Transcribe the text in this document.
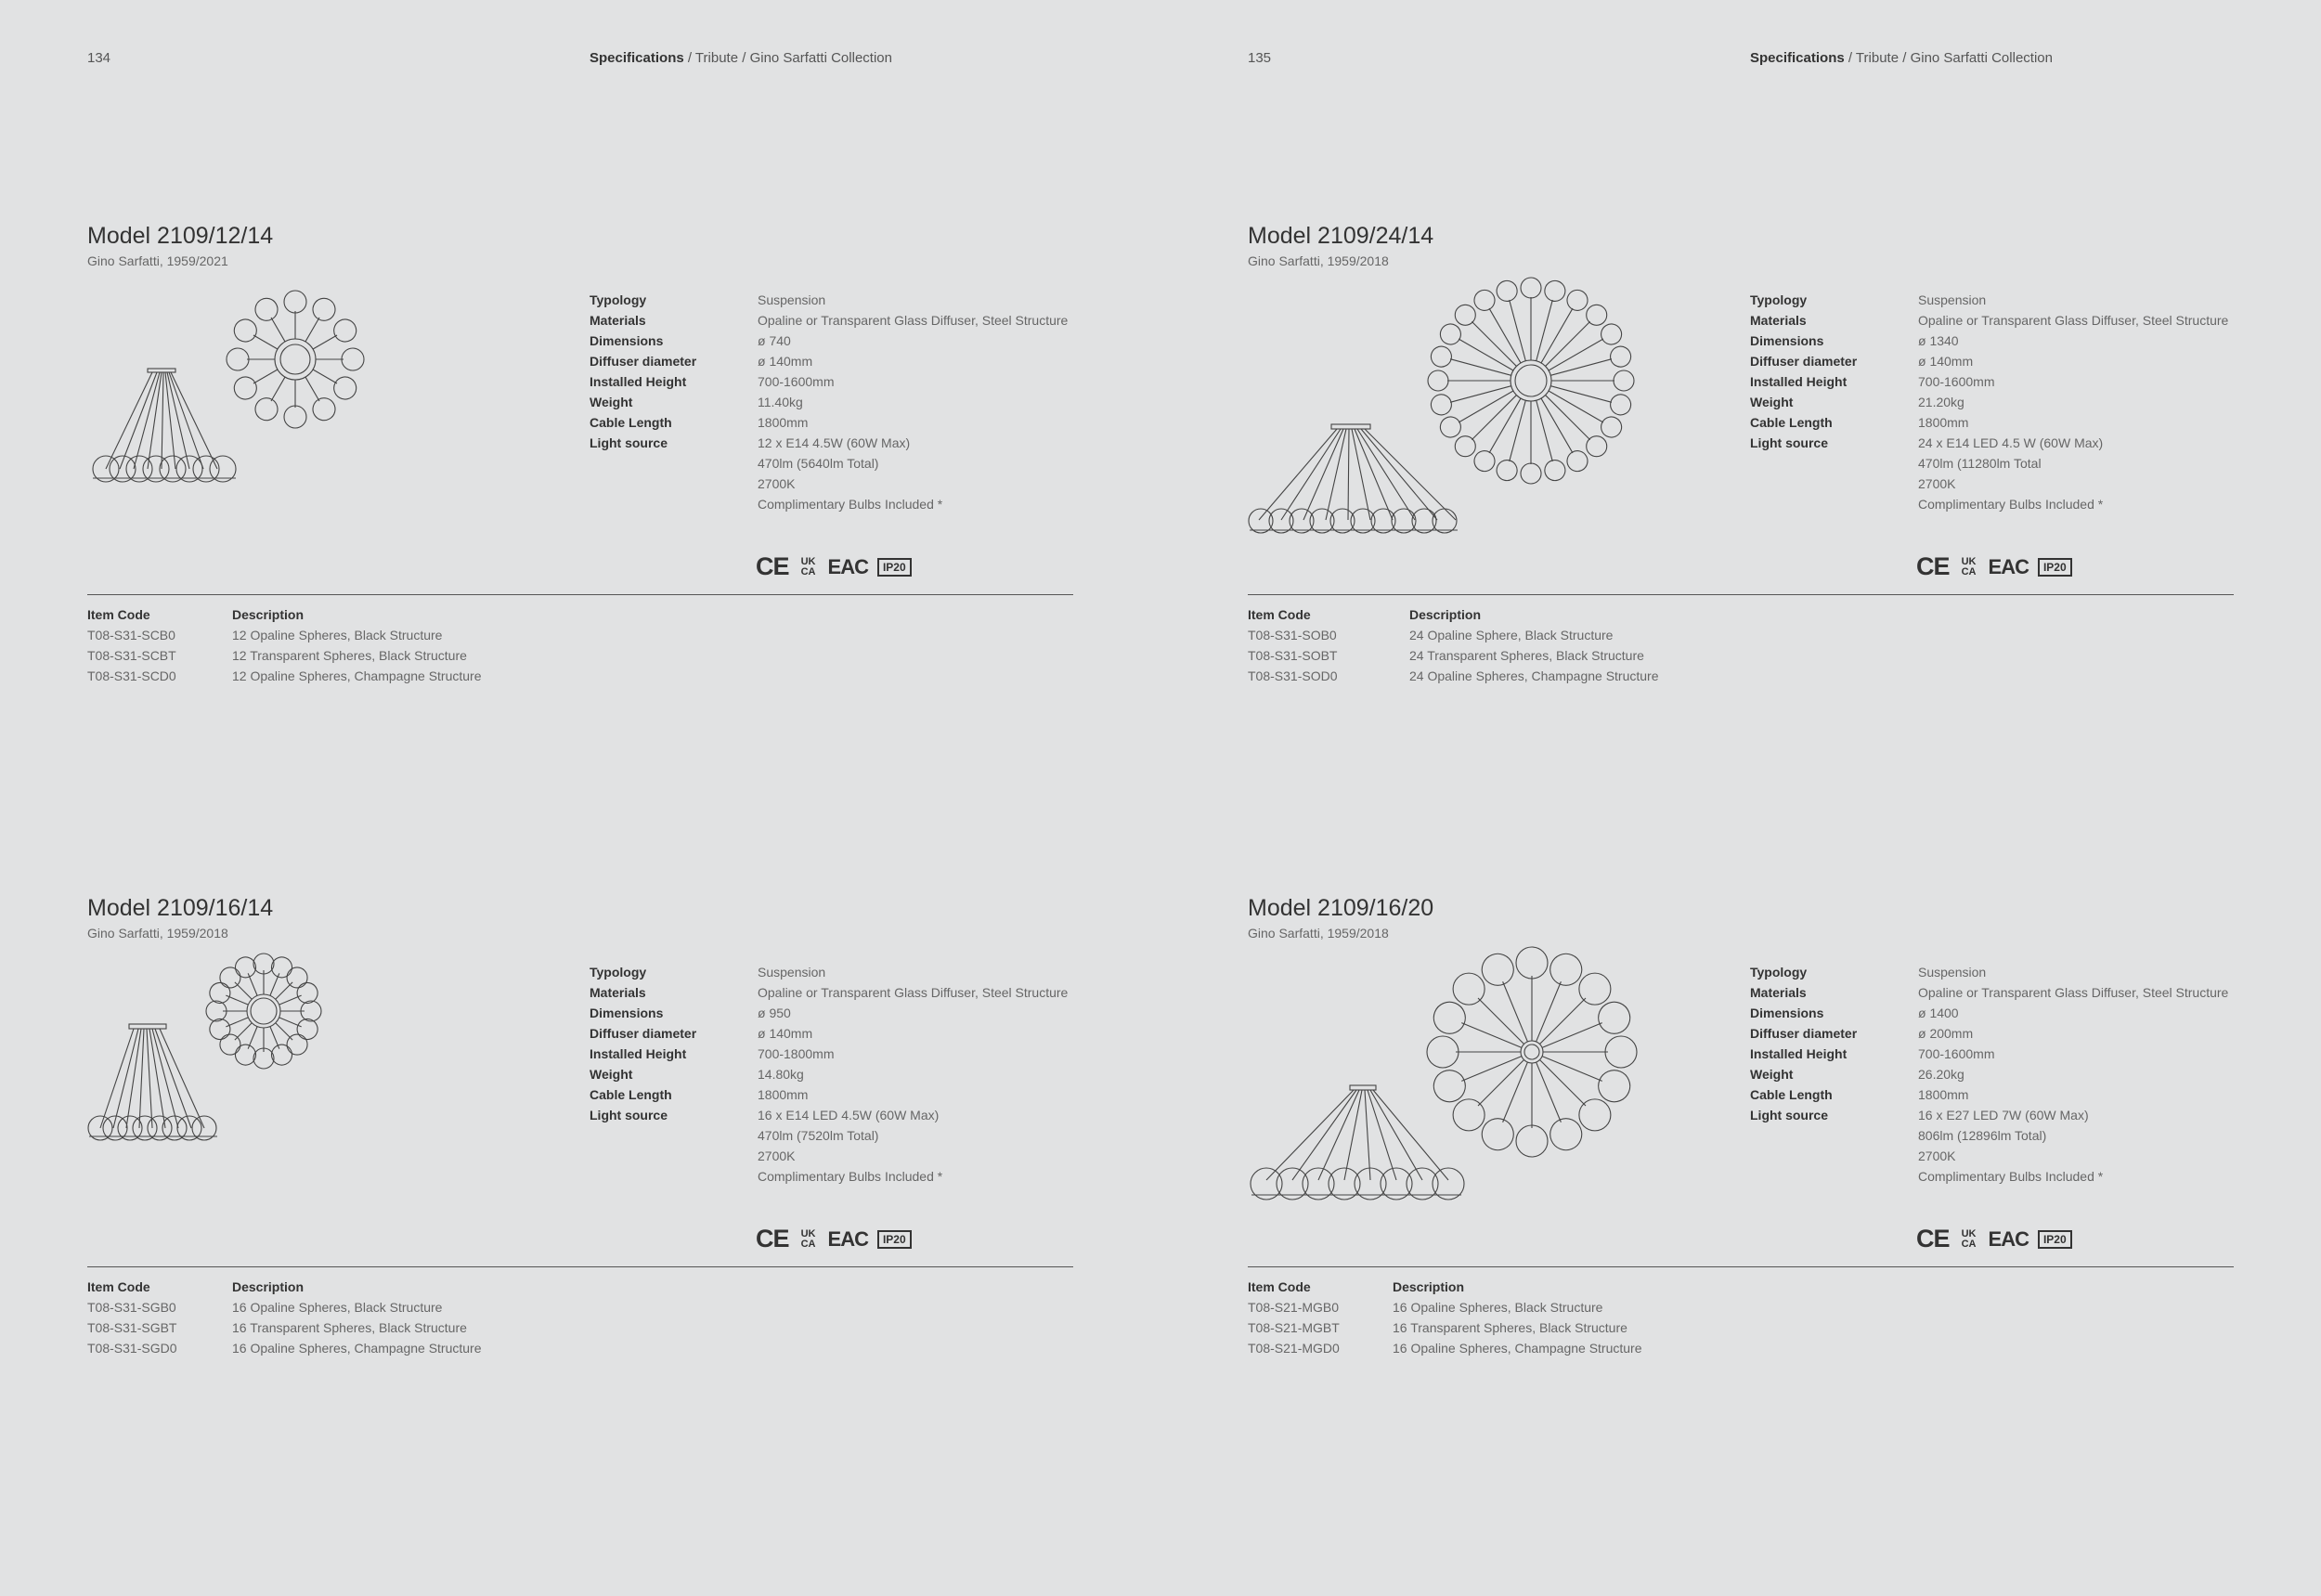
134	Specifications / Tribute / Gino Sarfatti Collection
Model 2109/12/14
Gino Sarfatti, 1959/2021
Typology	Suspension
Materials	Opaline or Transparent Glass Diffuser, Steel Structure
Dimensions	ø 740
Diffuser diameter	ø 140mm
Installed Height	700-1600mm
Weight	11.40kg
Cable Length	1800mm
Light source	12 x E14 4.5W (60W Max)
470lm (5640lm Total)
2700K
Complimentary Bulbs Included *
CE UK
CA EAC	IP20
Item Code	Description
T08-S31-SCB0	12 Opaline Spheres, Black Structure
T08-S31-SCBT	12 Transparent Spheres, Black Structure
T08-S31-SCD0	12 Opaline Spheres, Champagne Structure
Model 2109/16/14
Gino Sarfatti, 1959/2018
Typology	Suspension
Materials	Opaline or Transparent Glass Diffuser, Steel Structure
Dimensions	ø 950
Diffuser diameter	ø 140mm
Installed Height	700-1800mm
Weight	14.80kg
Cable Length	1800mm
Light source	16 x E14 LED 4.5W (60W Max)
470lm (7520lm Total)
2700K
Complimentary Bulbs Included *
CE UK
CA EAC	IP20
Item Code	Description
T08-S31-SGB0	16 Opaline Spheres, Black Structure
T08-S31-SGBT	16 Transparent Spheres, Black Structure
T08-S31-SGD0	16 Opaline Spheres, Champagne Structure
135	Specifications / Tribute / Gino Sarfatti Collection
Model 2109/24/14
Gino Sarfatti, 1959/2018
Typology	Suspension
Materials	Opaline or Transparent Glass Diffuser, Steel Structure
Dimensions	ø 1340
Diffuser diameter	ø 140mm
Installed Height	700-1600mm
Weight	21.20kg
Cable Length	1800mm
Light source	24 x E14 LED 4.5 W (60W Max)
470lm (11280lm Total
2700K
Complimentary Bulbs Included *
CE UK
CA EAC	IP20
Item Code	Description
T08-S31-SOB0	24 Opaline Sphere, Black Structure
T08-S31-SOBT	24 Transparent Spheres, Black Structure
T08-S31-SOD0	24 Opaline Spheres, Champagne Structure
Model 2109/16/20
Gino Sarfatti, 1959/2018
Typology	Suspension
Materials	Opaline or Transparent Glass Diffuser, Steel Structure
Dimensions	ø 1400
Diffuser diameter	ø 200mm
Installed Height	700-1600mm
Weight	26.20kg
Cable Length	1800mm
Light source	16 x E27 LED 7W (60W Max)
806lm (12896lm Total)
2700K
Complimentary Bulbs Included *
CE UK
CA EAC	IP20
Item Code	Description
T08-S21-MGB0	16 Opaline Spheres, Black Structure
T08-S21-MGBT	16 Transparent Spheres, Black Structure
T08-S21-MGD0	16 Opaline Spheres, Champagne Structure
